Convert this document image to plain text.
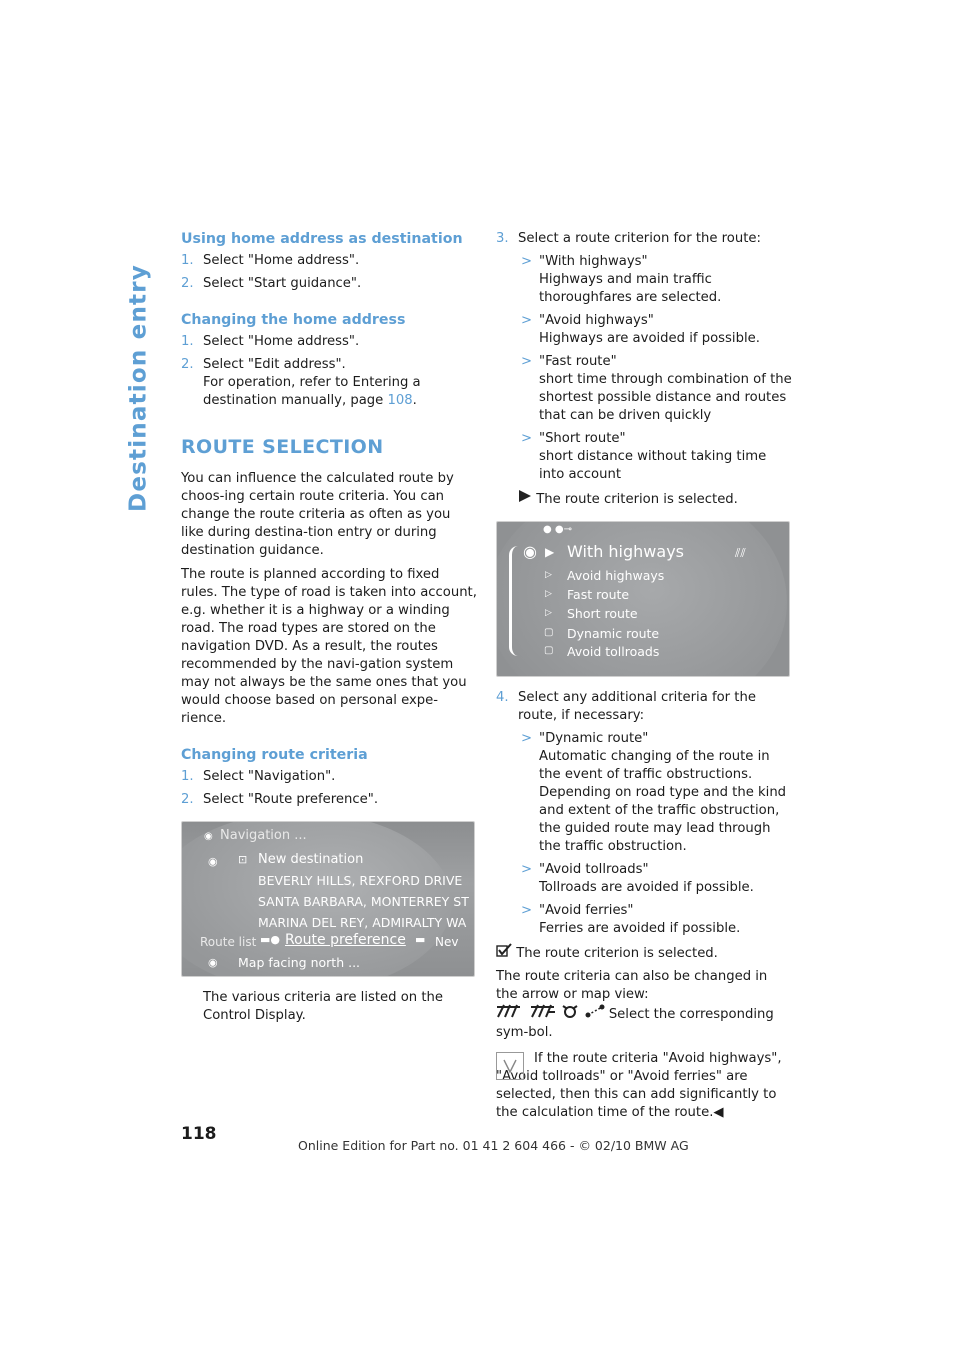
Destination entry
Using home address as destination
1. Select "Home address".
2. Select "Start guidance".
Changing the home address
1. Select "Home address".
2. Select "Edit address".
For operation, refer to Entering a destination manually, page 108.
ROUTE SELECTION

You can influence the calculated route by choos-ing certain route criteria. You can change the route criteria as often as you like during destina-tion entry or during destination guidance.

The route is planned according to fixed rules. The type of road is taken into account, e.g. whether it is a highway or a winding road. The road types are stored on the navigation DVD. As a result, the routes recommended by the navi-gation system may not always be the same ones that you would choose based on personal expe-rience.

Changing route criteria
1. Select "Navigation".
2. Select "Route preference".
Navigation ...
◉
◉ ⊡ New destination
BEVERLY HILLS, REXFORD DRIVE
SANTA BARBARA, MONTERREY ST
MARINA DEL REY, ADMIRALTY WA
Route list ▬● Route preference ▬ Nev
◉ Map facing north ...

The various criteria are listed on the Control Display.

3. Select a route criterion for the route:
> "With highways"
Highways and main traffic thoroughfares are selected.
> "Avoid highways"
Highways are avoided if possible.
> "Fast route"
short time through combination of the shortest possible distance and routes that can be driven quickly
> "Short route"
short distance without taking time into account
The route criterion is selected.
● ●⊸
◉ ▶ With highways	⫽⫽
▷ Avoid highways
▷ Fast route
▷ Short route
▢ Dynamic route
▢ Avoid tollroads
4. Select any additional criteria for the route, if necessary:
> "Dynamic route"
Automatic changing of the route in the event of traffic obstructions. Depending on road type and the kind and extent of the traffic obstruction, the guided route may lead through the traffic obstruction.
> "Avoid tollroads"
Tollroads are avoided if possible.
> "Avoid ferries"
Ferries are avoided if possible.
The route criterion is selected.

The route criteria can also be changed in the arrow or map view:

Select the corresponding sym-bol.

If the route criteria "Avoid highways", "Avoid tollroads" or "Avoid ferries" are selected, then this can add significantly to the calculation time of the route.◀

118
Online Edition for Part no. 01 41 2 604 466 - © 02/10 BMW AG
